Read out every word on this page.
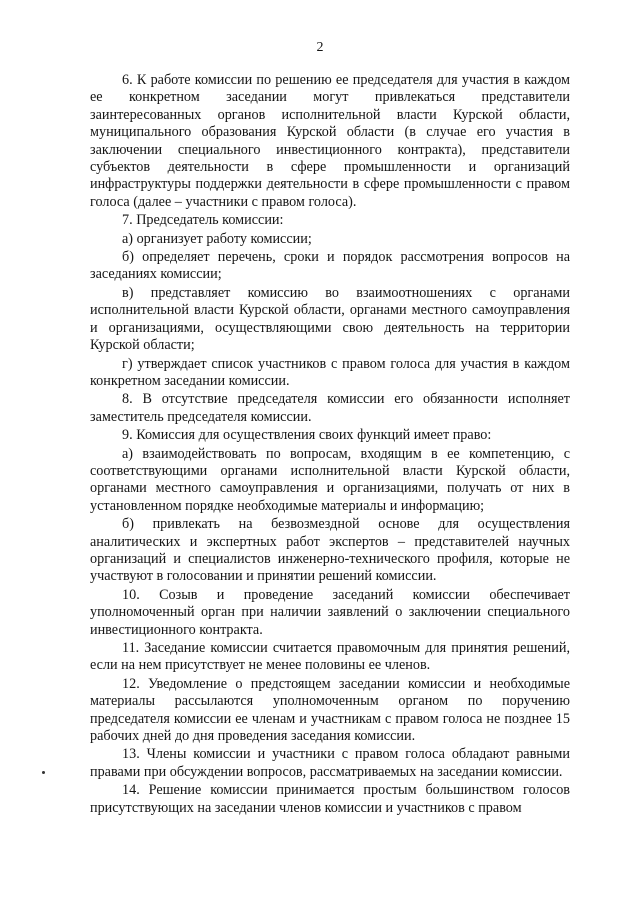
2

6. К работе комиссии по решению ее председателя для участия в каждом ее конкретном заседании могут привлекаться представители заинтересованных органов исполнительной власти Курской области, муниципального образования Курской области (в случае его участия в заключении специального инвестиционного контракта), представители субъектов деятельности в сфере промышленности и организаций инфраструктуры поддержки деятельности в сфере промышленности с правом голоса (далее – участники с правом голоса).

7. Председатель комиссии:

а) организует работу комиссии;

б) определяет перечень, сроки и порядок рассмотрения вопросов на заседаниях комиссии;

в) представляет комиссию во взаимоотношениях с органами исполнительной власти Курской области, органами местного самоуправления и организациями, осуществляющими свою деятельность на территории Курской области;

г) утверждает список участников с правом голоса для участия в каждом конкретном заседании комиссии.

8. В отсутствие председателя комиссии его обязанности исполняет заместитель председателя комиссии.

9. Комиссия для осуществления своих функций имеет право:

а) взаимодействовать по вопросам, входящим в ее компетенцию, с соответствующими органами исполнительной власти Курской области, органами местного самоуправления и организациями, получать от них в установленном порядке необходимые материалы и информацию;

б) привлекать на безвозмездной основе для осуществления аналитических и экспертных работ экспертов – представителей научных организаций и специалистов инженерно-технического профиля, которые не участвуют в голосовании и принятии решений комиссии.

10. Созыв и проведение заседаний комиссии обеспечивает уполномоченный орган при наличии заявлений о заключении специального инвестиционного контракта.

11. Заседание комиссии считается правомочным для принятия решений, если на нем присутствует не менее половины ее членов.

12. Уведомление о предстоящем заседании комиссии и необходимые материалы рассылаются уполномоченным органом по поручению председателя комиссии ее членам и участникам с правом голоса не позднее 15 рабочих дней до дня проведения заседания комиссии.

13. Члены комиссии и участники с правом голоса обладают равными правами при обсуждении вопросов, рассматриваемых на заседании комиссии.

14. Решение комиссии принимается простым большинством голосов присутствующих на заседании членов комиссии и участников с правом
